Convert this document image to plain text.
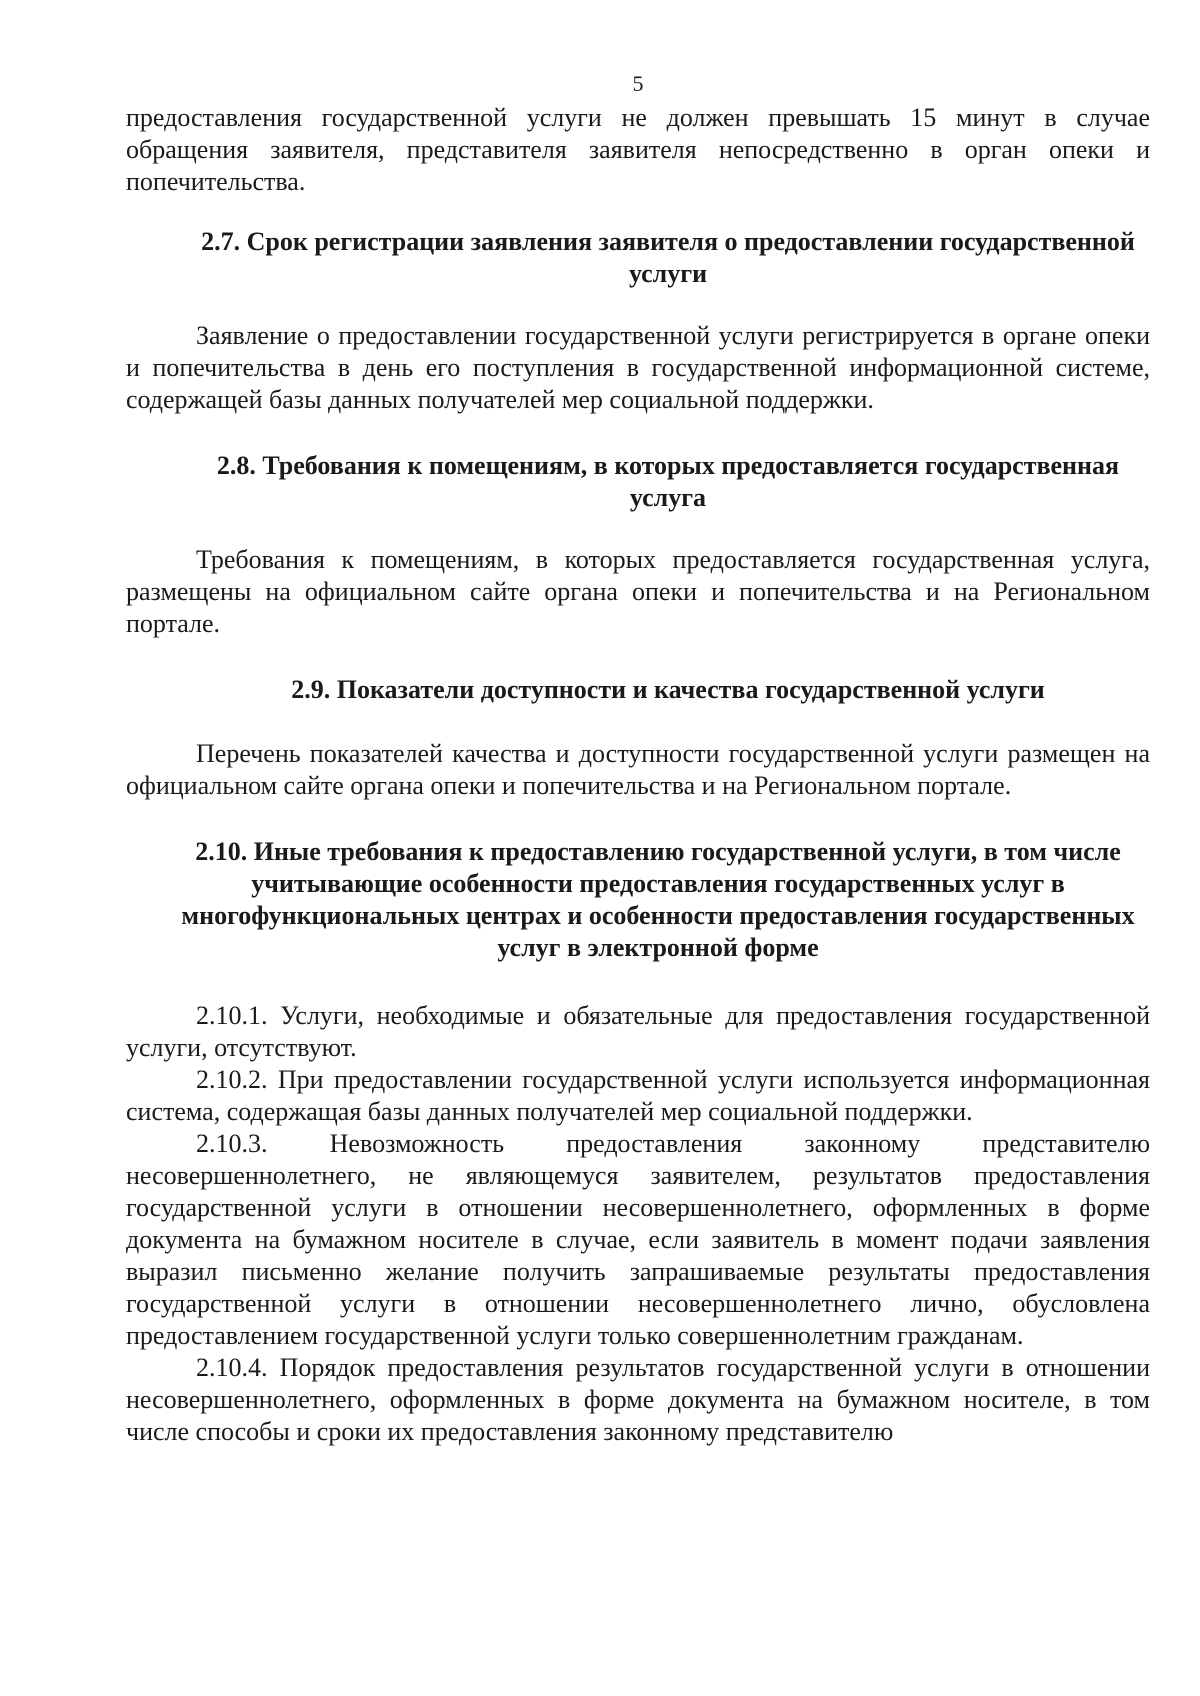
5

предоставления государственной услуги не должен превышать 15 минут в случае обращения заявителя, представителя заявителя непосредственно в орган опеки и попечительства.

2.7. Срок регистрации заявления заявителя о предоставлении государственной услуги

Заявление о предоставлении государственной услуги регистрируется в органе опеки и попечительства в день его поступления в государственной информационной системе, содержащей базы данных получателей мер социальной поддержки.

2.8. Требования к помещениям, в которых предоставляется государственная услуга

Требования к помещениям, в которых предоставляется государственная услуга, размещены на официальном сайте органа опеки и попечительства и на Региональном портале.

2.9. Показатели доступности и качества государственной услуги

Перечень показателей качества и доступности государственной услуги размещен на официальном сайте органа опеки и попечительства и на Региональном портале.

2.10. Иные требования к предоставлению государственной услуги, в том числе учитывающие особенности предоставления государственных услуг в многофункциональных центрах и особенности предоставления государственных услуг в электронной форме

2.10.1. Услуги, необходимые и обязательные для предоставления государственной услуги, отсутствуют.

2.10.2. При предоставлении государственной услуги используется информационная система, содержащая базы данных получателей мер социальной поддержки.

2.10.3. Невозможность предоставления законному представителю несовершеннолетнего, не являющемуся заявителем, результатов предоставления государственной услуги в отношении несовершеннолетнего, оформленных в форме документа на бумажном носителе в случае, если заявитель в момент подачи заявления выразил письменно желание получить запрашиваемые результаты предоставления государственной услуги в отношении несовершеннолетнего лично, обусловлена предоставлением государственной услуги только совершеннолетним гражданам.

2.10.4. Порядок предоставления результатов государственной услуги в отношении несовершеннолетнего, оформленных в форме документа на бумажном носителе, в том числе способы и сроки их предоставления законному представителю
